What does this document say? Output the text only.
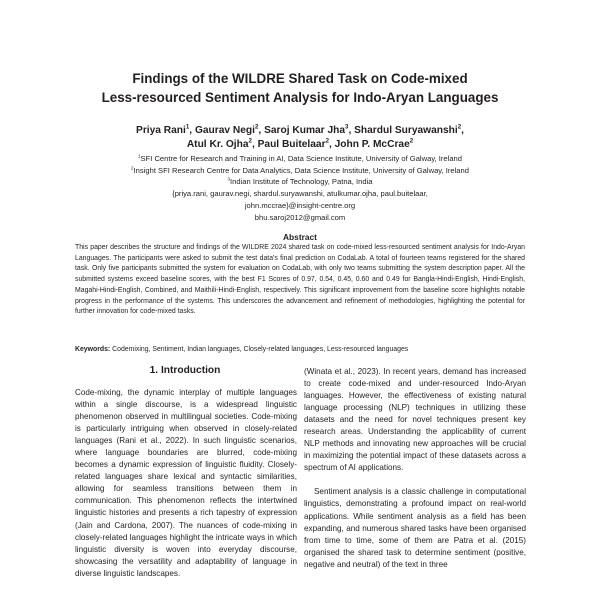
Findings of the WILDRE Shared Task on Code-mixed
Less-resourced Sentiment Analysis for Indo-Aryan Languages
Priya Rani$^1$, Gaurav Negi$^2$, Saroj Kumar Jha$^3$, Shardul Suryawanshi$^2$,
Atul Kr. Ojha$^2$, Paul Buitelaar$^2$, John P. McCrae$^2$
$^1$SFI Centre for Research and Training in AI, Data Science Institute, University of Galway, Ireland
$^2$Insight SFI Research Centre for Data Analytics, Data Science Institute, University of Galway, Ireland
$^3$Indian Institute of Technology, Patna, India
{priya.rani, gaurav.negi, shardul.suryawanshi, atulkumar.ojha, paul.buitelaar,
john.mccrae}@insight-centre.org
bhu.saroj2012@gmail.com
Abstract
This paper describes the structure and findings of the WILDRE 2024 shared task on code-mixed less-resourced sentiment analysis for Indo-Aryan Languages. The participants were asked to submit the test data's final prediction on CodaLab. A total of fourteen teams registered for the shared task. Only five participants submitted the system for evaluation on CodaLab, with only two teams submitting the system description paper. All the submitted systems exceed baseline scores, with the best F1 Scores of 0.97, 0.54, 0.45, 0.60 and 0.49 for Bangla-Hindi-English, Hindi-English, Magahi-Hindi-English, Combined, and Maithili-Hindi-English, respectively. This significant improvement from the baseline score highlights notable progress in the performance of the systems. This underscores the advancement and refinement of methodologies, highlighting the potential for further innovation for code-mixed tasks.
Keywords: Codemixing, Sentiment, Indian languages, Closely-related languages, Less-resourced languages
1. Introduction
Code-mixing, the dynamic interplay of multiple languages within a single discourse, is a widespread linguistic phenomenon observed in multilingual societies. Code-mixing is particularly intriguing when observed in closely-related languages (Rani et al., 2022). In such linguistic scenarios, where language boundaries are blurred, code-mixing becomes a dynamic expression of linguistic fluidity. Closely-related languages share lexical and syntactic similarities, allowing for seamless transitions between them in communication. This phenomenon reflects the intertwined linguistic histories and presents a rich tapestry of expression (Jain and Cardona, 2007). The nuances of code-mixing in closely-related languages highlight the intricate ways in which linguistic diversity is woven into everyday discourse, showcasing the versatility and adaptability of language in diverse linguistic landscapes.
(Winata et al., 2023). In recent years, demand has increased to create code-mixed and under-resourced Indo-Aryan languages. However, the effectiveness of existing natural language processing (NLP) techniques in utilizing these datasets and the need for novel techniques present key research areas. Understanding the applicability of current NLP methods and innovating new approaches will be crucial in maximizing the potential impact of these datasets across a spectrum of AI applications.
Sentiment analysis is a classic challenge in computational linguistics, demonstrating a profound impact on real-world applications. While sentiment analysis as a field has been expanding, and numerous shared tasks have been organised from time to time, some of them are Patra et al. (2015) organised the shared task to determine sentiment (positive, negative and neutral) of the text in three
